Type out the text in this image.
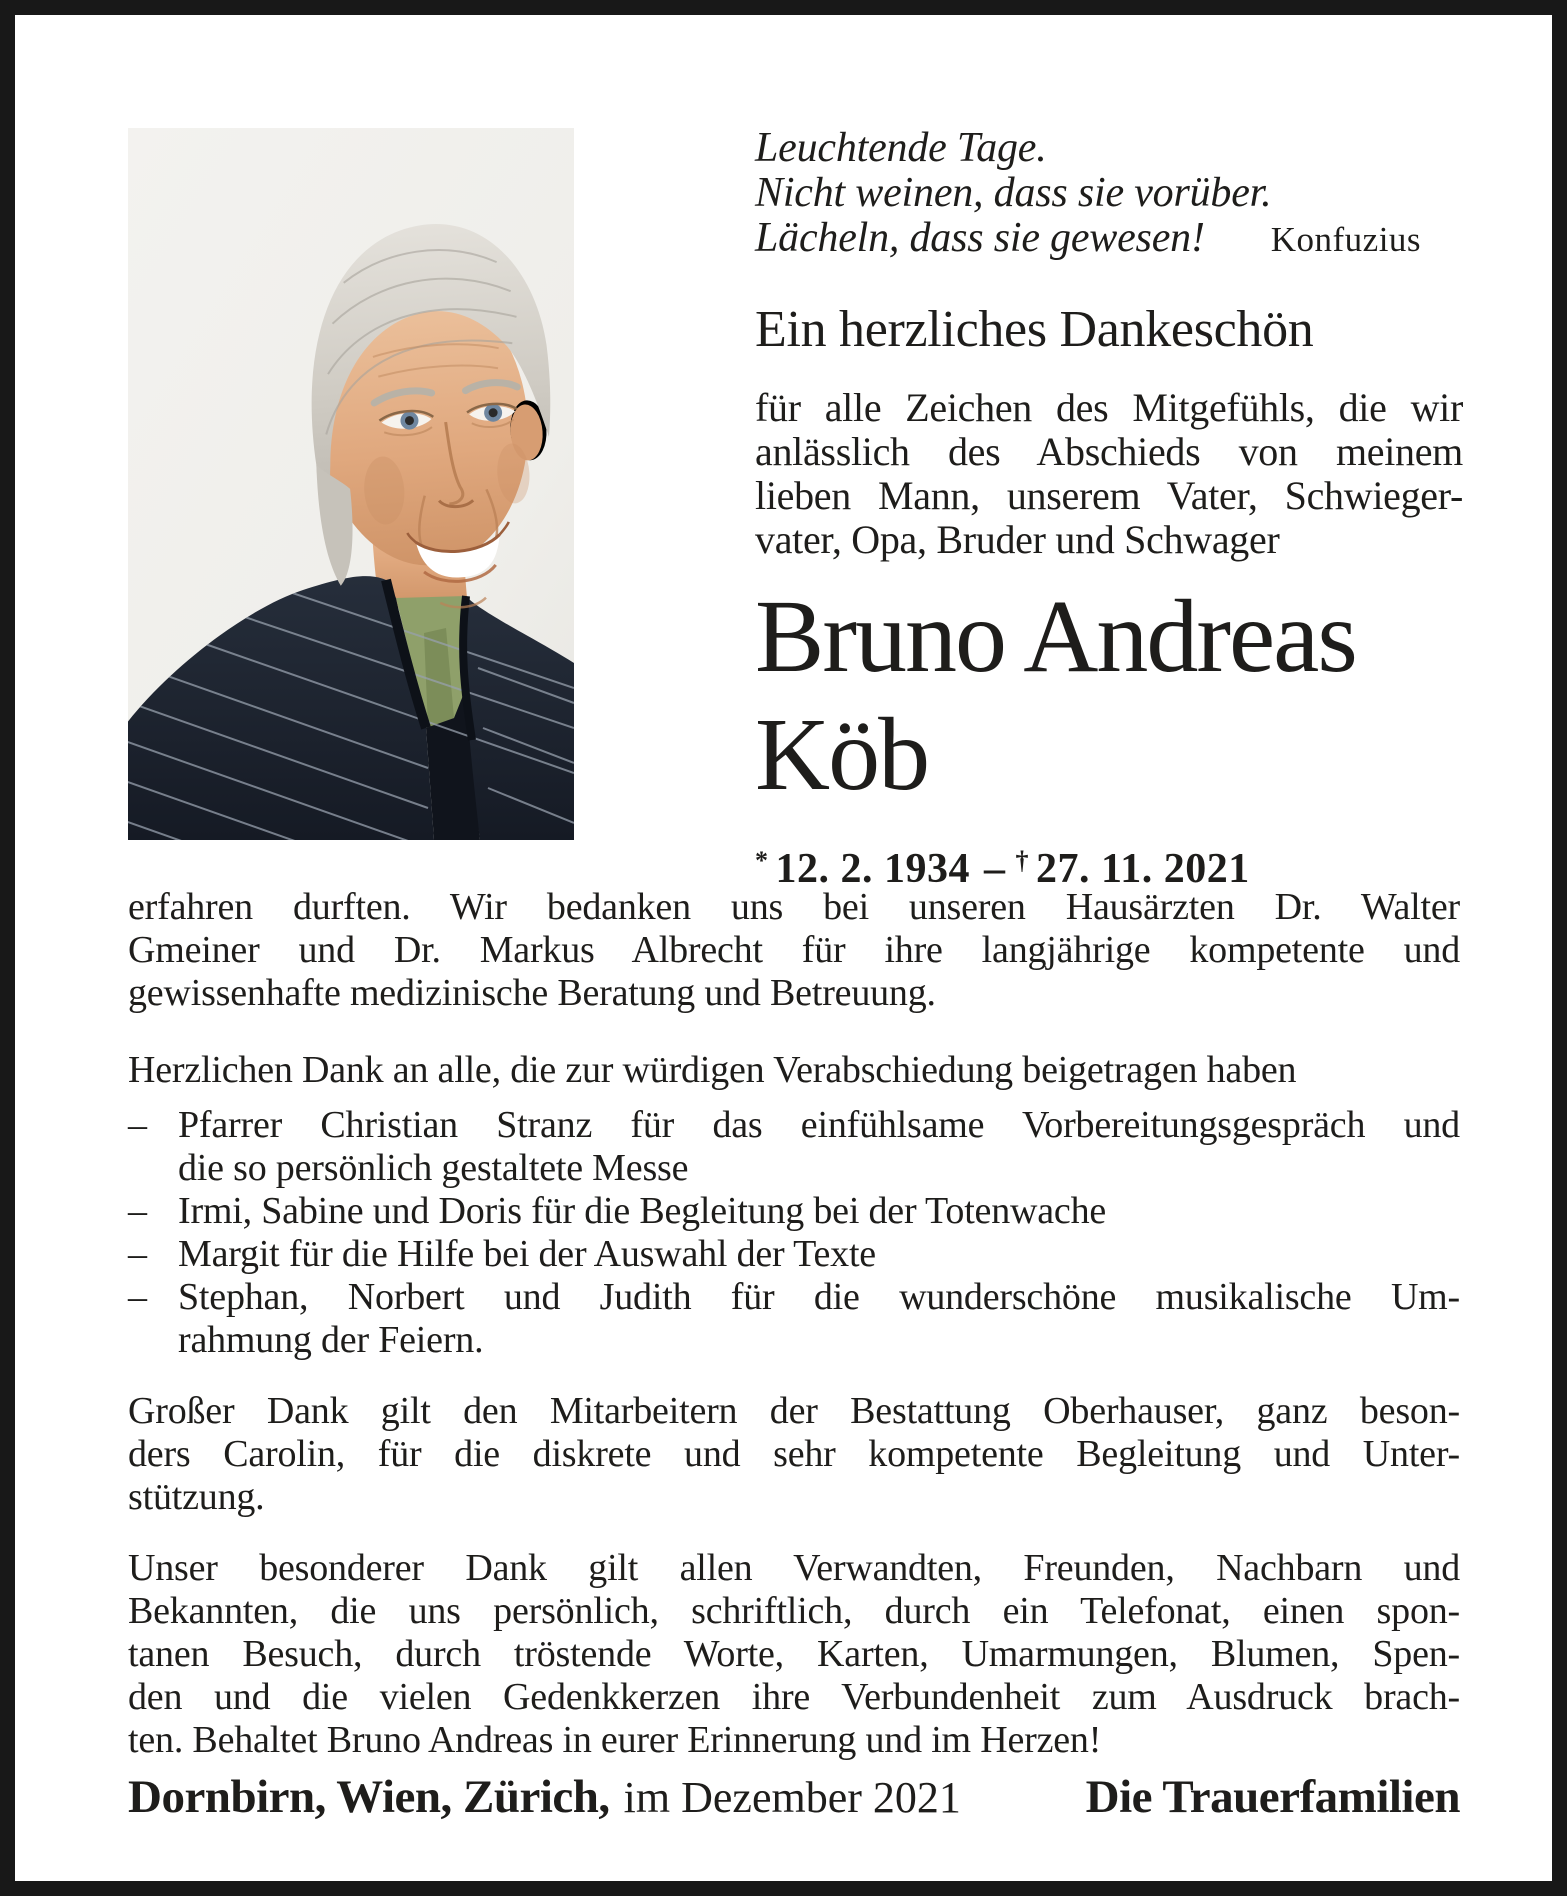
Leuchtende Tage.
Nicht weinen, dass sie vorüber.
Lächeln, dass sie gewesen! Konfuzius
Ein herzliches Dankeschön
für alle Zeichen des Mitgefühls, die wir
anlässlich des Abschieds von meinem
lieben Mann, unserem Vater, Schwieger-
vater, Opa, Bruder und Schwager
Bruno Andreas
Köb
* 12. 2. 1934 – † 27. 11. 2021
erfahren durften. Wir bedanken uns bei unseren Hausärzten Dr. Walter
Gmeiner und Dr. Markus Albrecht für ihre langjährige kompetente und
gewissenhafte medizinische Beratung und Betreuung.
Herzlichen Dank an alle, die zur würdigen Verabschiedung beigetragen haben
– Pfarrer Christian Stranz für das einfühlsame Vorbereitungsgespräch und
die so persönlich gestaltete Messe
– Irmi, Sabine und Doris für die Begleitung bei der Totenwache
– Margit für die Hilfe bei der Auswahl der Texte
– Stephan, Norbert und Judith für die wunderschöne musikalische Um-
rahmung der Feiern.
Großer Dank gilt den Mitarbeitern der Bestattung Oberhauser, ganz beson-
ders Carolin, für die diskrete und sehr kompetente Begleitung und Unter-
stützung.
Unser besonderer Dank gilt allen Verwandten, Freunden, Nachbarn und
Bekannten, die uns persönlich, schriftlich, durch ein Telefonat, einen spon-
tanen Besuch, durch tröstende Worte, Karten, Umarmungen, Blumen, Spen-
den und die vielen Gedenkkerzen ihre Verbundenheit zum Ausdruck brach-
ten. Behaltet Bruno Andreas in eurer Erinnerung und im Herzen!
Dornbirn, Wien, Zürich, im Dezember 2021	Die Trauerfamilien
